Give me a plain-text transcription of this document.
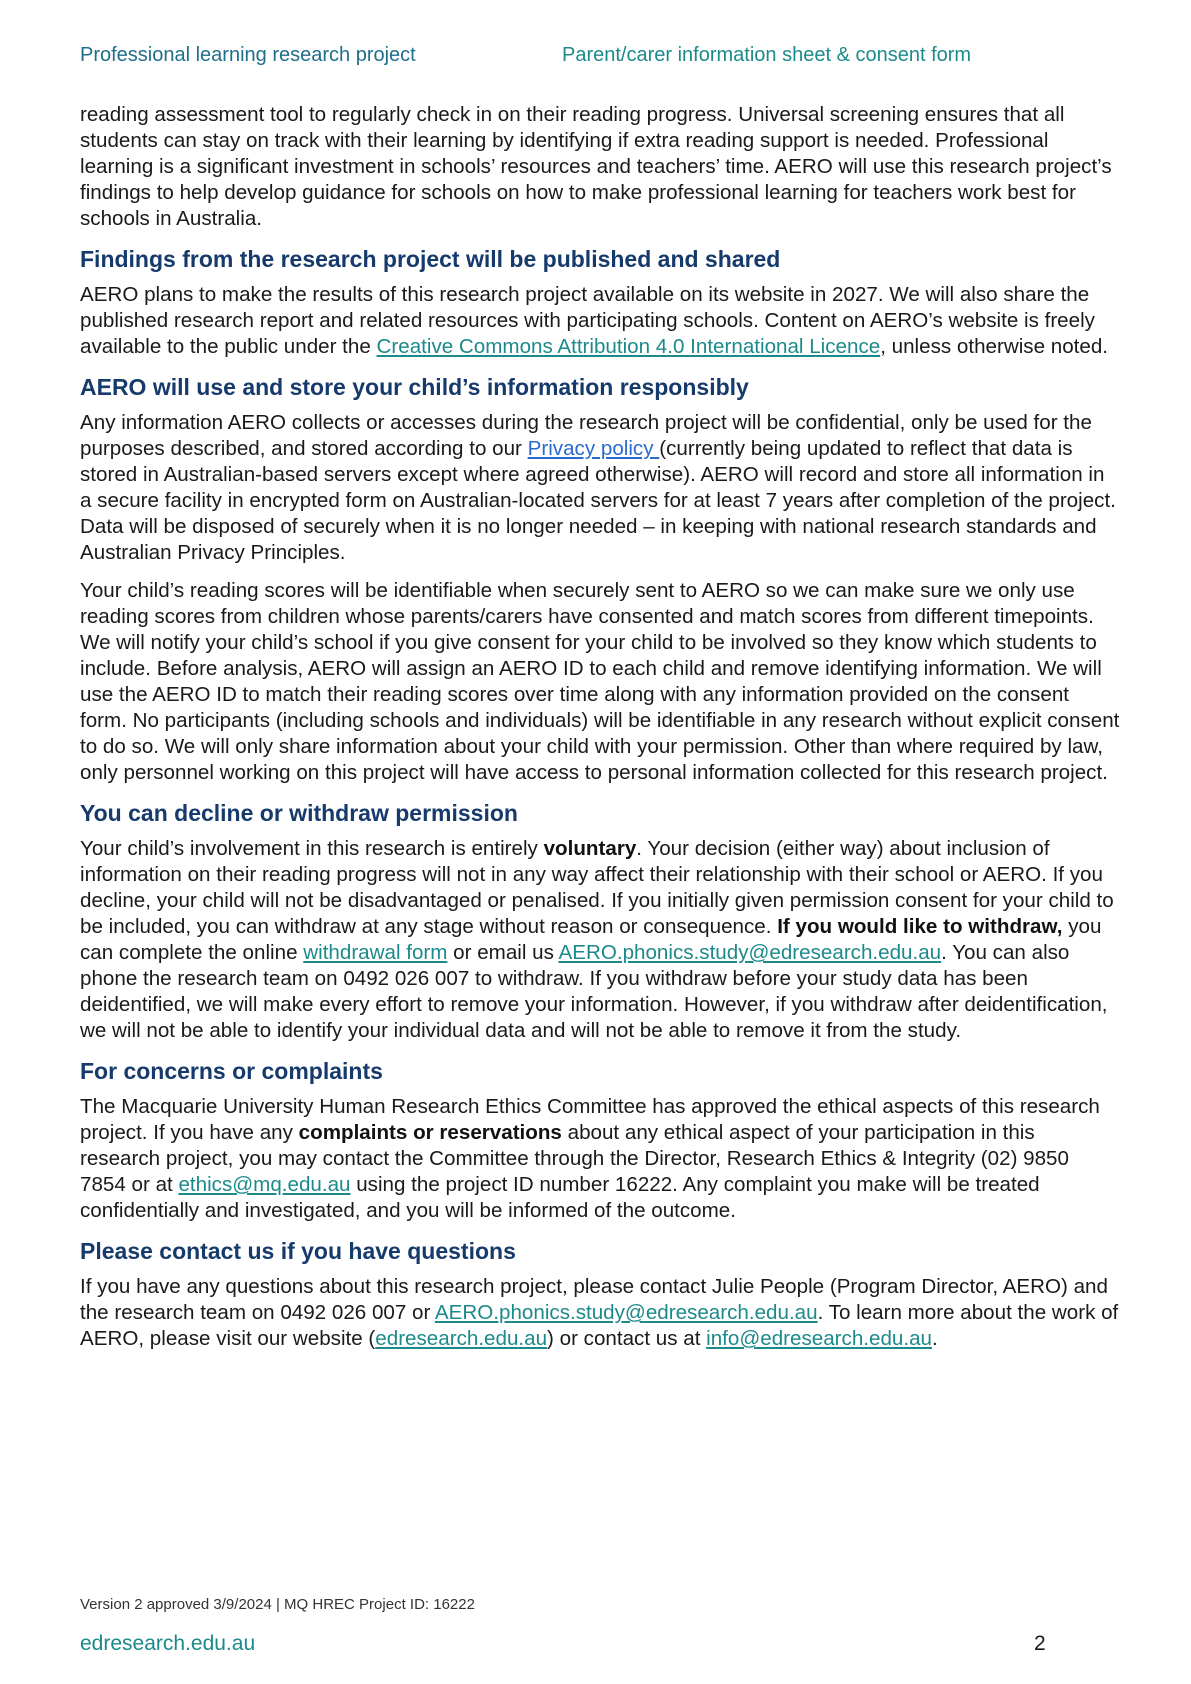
Professional learning research project	Parent/carer information sheet & consent form

reading assessment tool to regularly check in on their reading progress. Universal screening ensures that all students can stay on track with their learning by identifying if extra reading support is needed. Professional learning is a significant investment in schools’ resources and teachers’ time. AERO will use this research project’s findings to help develop guidance for schools on how to make professional learning for teachers work best for schools in Australia.

Findings from the research project will be published and shared

AERO plans to make the results of this research project available on its website in 2027. We will also share the published research report and related resources with participating schools. Content on AERO’s website is freely available to the public under the Creative Commons Attribution 4.0 International Licence, unless otherwise noted.

AERO will use and store your child’s information responsibly

Any information AERO collects or accesses during the research project will be confidential, only be used for the purposes described, and stored according to our Privacy policy (currently being updated to reflect that data is stored in Australian-based servers except where agreed otherwise). AERO will record and store all information in a secure facility in encrypted form on Australian-located servers for at least 7 years after completion of the project. Data will be disposed of securely when it is no longer needed – in keeping with national research standards and Australian Privacy Principles.

Your child’s reading scores will be identifiable when securely sent to AERO so we can make sure we only use reading scores from children whose parents/carers have consented and match scores from different timepoints. We will notify your child’s school if you give consent for your child to be involved so they know which students to include. Before analysis, AERO will assign an AERO ID to each child and remove identifying information. We will use the AERO ID to match their reading scores over time along with any information provided on the consent form. No participants (including schools and individuals) will be identifiable in any research without explicit consent to do so. We will only share information about your child with your permission. Other than where required by law, only personnel working on this project will have access to personal information collected for this research project.

You can decline or withdraw permission

Your child’s involvement in this research is entirely voluntary. Your decision (either way) about inclusion of information on their reading progress will not in any way affect their relationship with their school or AERO. If you decline, your child will not be disadvantaged or penalised. If you initially given permission consent for your child to be included, you can withdraw at any stage without reason or consequence. If you would like to withdraw, you can complete the online withdrawal form or email us AERO.phonics.study@edresearch.edu.au. You can also phone the research team on 0492 026 007 to withdraw. If you withdraw before your study data has been deidentified, we will make every effort to remove your information. However, if you withdraw after deidentification, we will not be able to identify your individual data and will not be able to remove it from the study.

For concerns or complaints

The Macquarie University Human Research Ethics Committee has approved the ethical aspects of this research project. If you have any complaints or reservations about any ethical aspect of your participation in this research project, you may contact the Committee through the Director, Research Ethics & Integrity (02) 9850 7854 or at ethics@mq.edu.au using the project ID number 16222. Any complaint you make will be treated confidentially and investigated, and you will be informed of the outcome.

Please contact us if you have questions

If you have any questions about this research project, please contact Julie People (Program Director, AERO) and the research team on 0492 026 007 or AERO.phonics.study@edresearch.edu.au. To learn more about the work of AERO, please visit our website (edresearch.edu.au) or contact us at info@edresearch.edu.au.

Version 2 approved 3/9/2024 | MQ HREC Project ID: 16222
edresearch.edu.au	2
